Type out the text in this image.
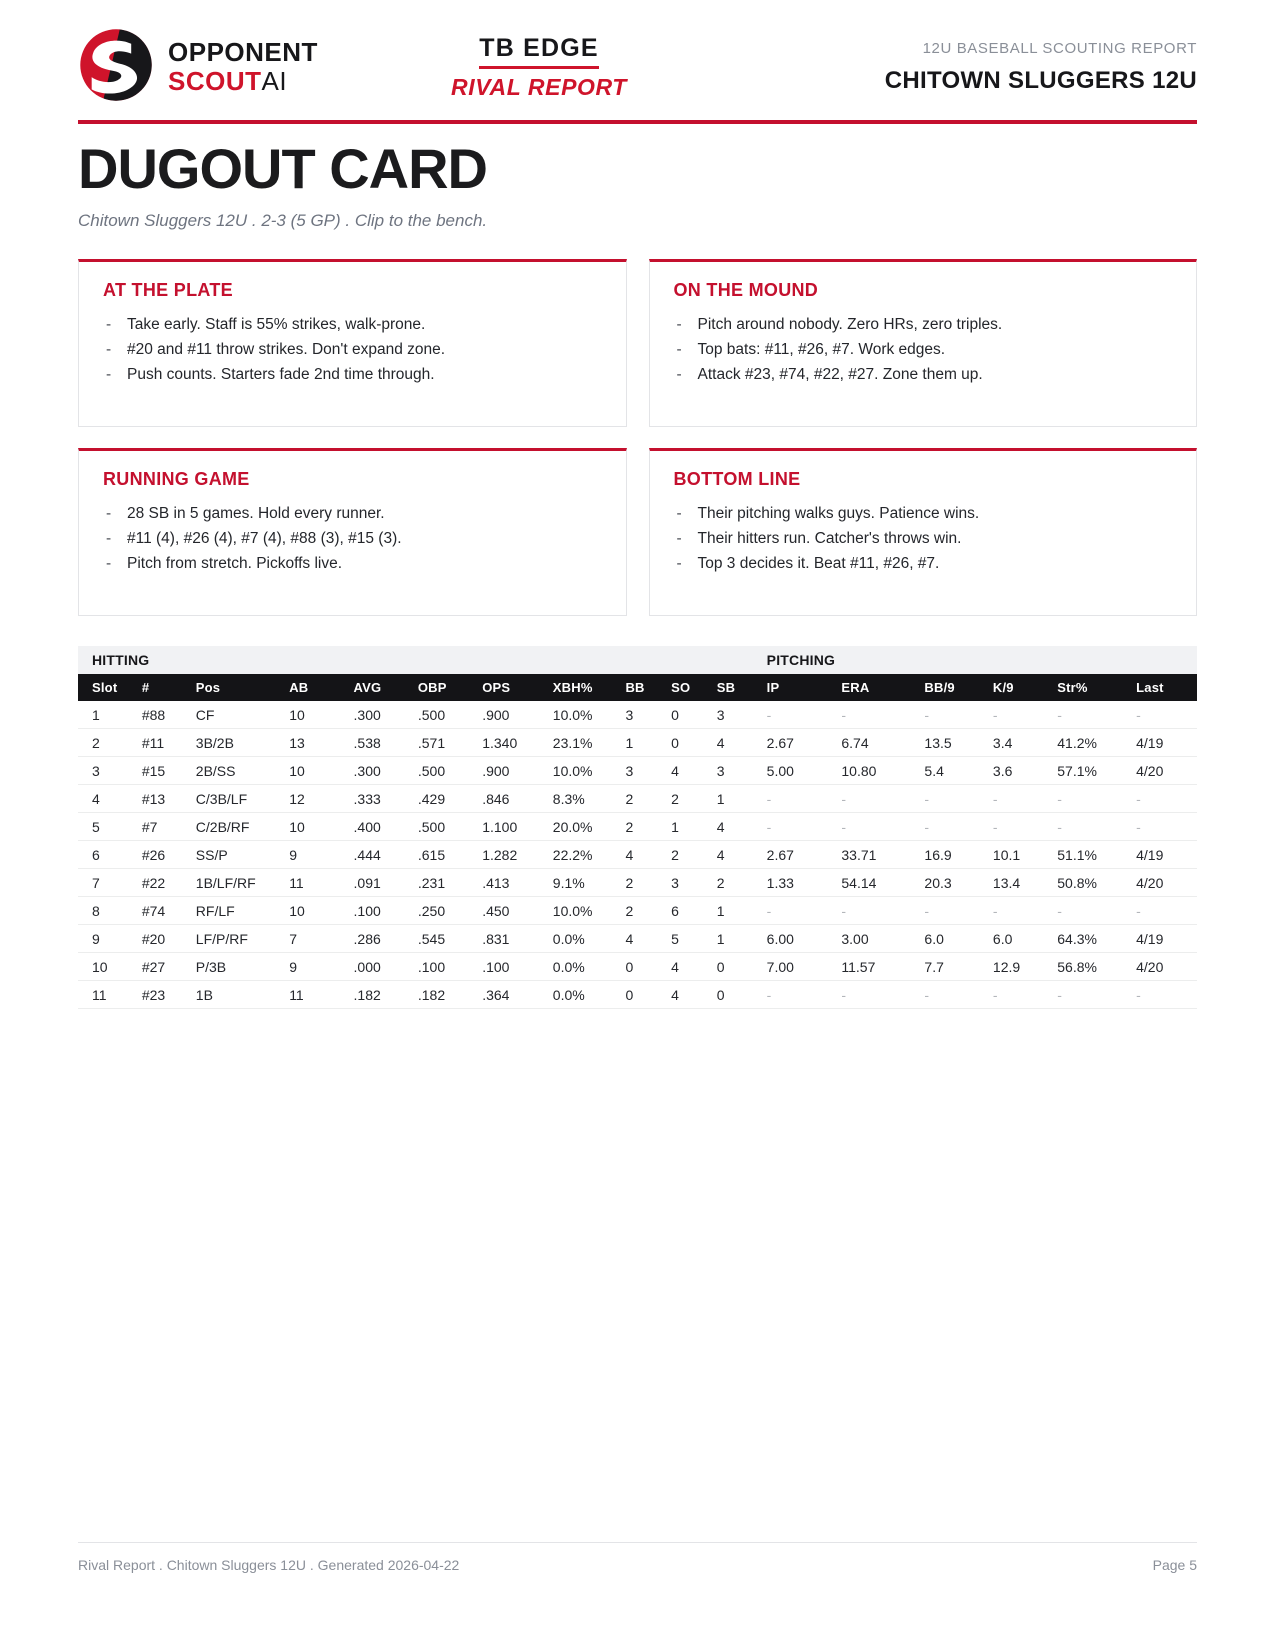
OPPONENT
SCOUTAI
TB EDGE
RIVAL REPORT
12U BASEBALL SCOUTING REPORT
CHITOWN SLUGGERS 12U
DUGOUT CARD
Chitown Sluggers 12U . 2-3 (5 GP) . Clip to the bench.
AT THE PLATE
- Take early. Staff is 55% strikes, walk-prone.
- #20 and #11 throw strikes. Don't expand zone.
- Push counts. Starters fade 2nd time through.
ON THE MOUND
- Pitch around nobody. Zero HRs, zero triples.
- Top bats: #11, #26, #7. Work edges.
- Attack #23, #74, #22, #27. Zone them up.
RUNNING GAME
- 28 SB in 5 games. Hold every runner.
- #11 (4), #26 (4), #7 (4), #88 (3), #15 (3).
- Pitch from stretch. Pickoffs live.
BOTTOM LINE
- Their pitching walks guys. Patience wins.
- Their hitters run. Catcher's throws win.
- Top 3 decides it. Beat #11, #26, #7.
HITTING											PITCHING					
Slot	#	Pos	AB	AVG	OBP	OPS	XBH%	BB	SO	SB	IP	ERA	BB/9	K/9	Str%	Last
1	#88	CF	10	.300	.500	.900	10.0%	3	0	3	-	-	-	-	-	-
2	#11	3B/2B	13	.538	.571	1.340	23.1%	1	0	4	2.67	6.74	13.5	3.4	41.2%	4/19
3	#15	2B/SS	10	.300	.500	.900	10.0%	3	4	3	5.00	10.80	5.4	3.6	57.1%	4/20
4	#13	C/3B/LF	12	.333	.429	.846	8.3%	2	2	1	-	-	-	-	-	-
5	#7	C/2B/RF	10	.400	.500	1.100	20.0%	2	1	4	-	-	-	-	-	-
6	#26	SS/P	9	.444	.615	1.282	22.2%	4	2	4	2.67	33.71	16.9	10.1	51.1%	4/19
7	#22	1B/LF/RF	11	.091	.231	.413	9.1%	2	3	2	1.33	54.14	20.3	13.4	50.8%	4/20
8	#74	RF/LF	10	.100	.250	.450	10.0%	2	6	1	-	-	-	-	-	-
9	#20	LF/P/RF	7	.286	.545	.831	0.0%	4	5	1	6.00	3.00	6.0	6.0	64.3%	4/19
10	#27	P/3B	9	.000	.100	.100	0.0%	0	4	0	7.00	11.57	7.7	12.9	56.8%	4/20
11	#23	1B	11	.182	.182	.364	0.0%	0	4	0	-	-	-	-	-	-
Rival Report . Chitown Sluggers 12U . Generated 2026-04-22	Page 5
